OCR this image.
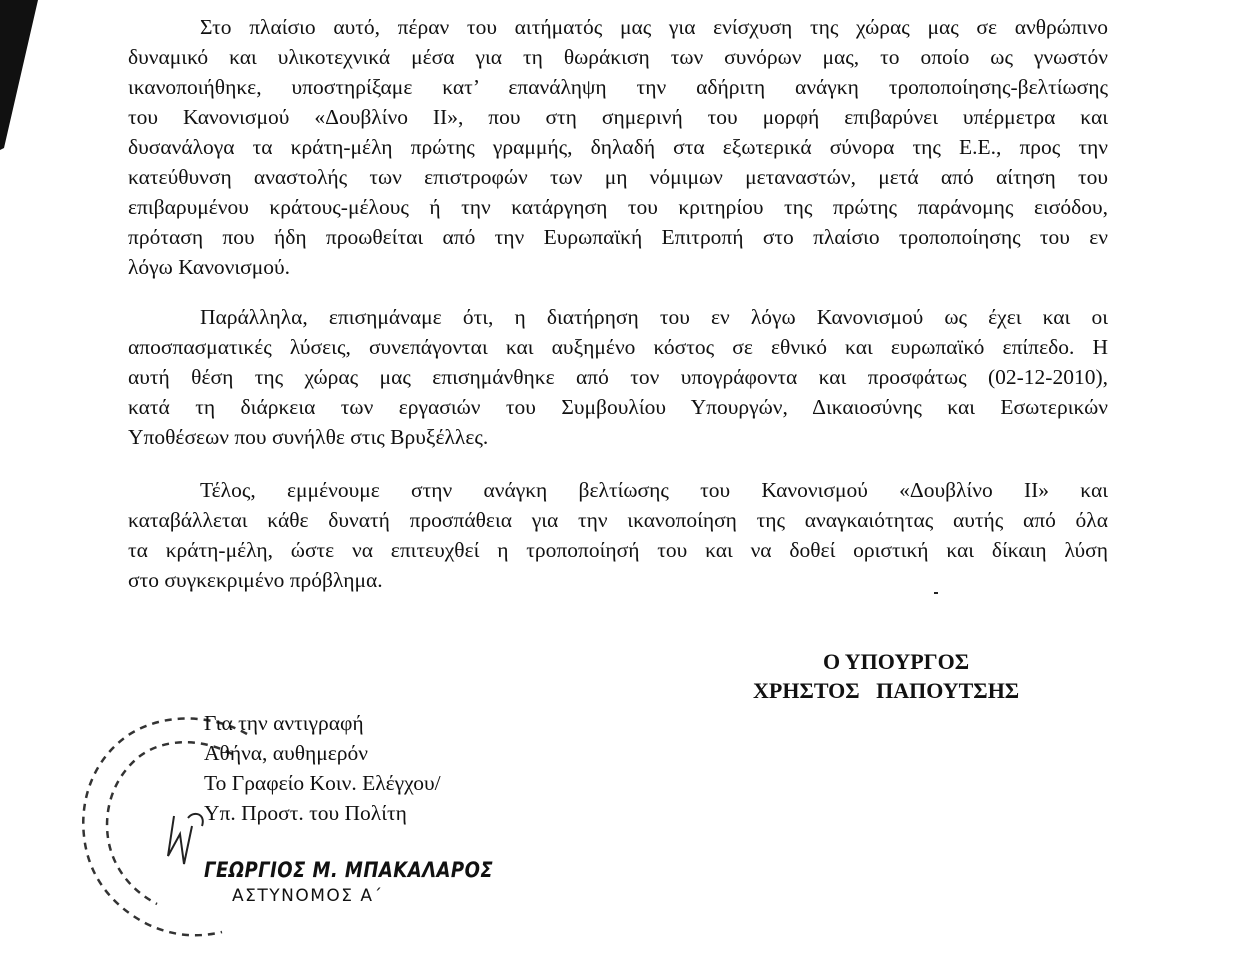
Στο πλαίσιο αυτό, πέραν του αιτήματός μας για ενίσχυση της χώρας μας σε ανθρώπινο
δυναμικό και υλικοτεχνικά μέσα για τη θωράκιση των συνόρων μας, το οποίο ως γνωστόν
ικανοποιήθηκε, υποστηρίξαμε κατ’ επανάληψη την αδήριτη ανάγκη τροποποίησης-βελτίωσης
του Κανονισμού «Δουβλίνο ΙΙ», που στη σημερινή του μορφή επιβαρύνει υπέρμετρα και
δυσανάλογα τα κράτη-μέλη πρώτης γραμμής, δηλαδή στα εξωτερικά σύνορα της Ε.Ε., προς την
κατεύθυνση αναστολής των επιστροφών των μη νόμιμων μεταναστών, μετά από αίτηση του
επιβαρυμένου κράτους-μέλους ή την κατάργηση του κριτηρίου της πρώτης παράνομης εισόδου,
πρόταση που ήδη προωθείται από την Ευρωπαϊκή Επιτροπή στο πλαίσιο τροποποίησης του εν
λόγω Κανονισμού.
Παράλληλα, επισημάναμε ότι, η διατήρηση του εν λόγω Κανονισμού ως έχει και οι
αποσπασματικές λύσεις, συνεπάγονται και αυξημένο κόστος σε εθνικό και ευρωπαϊκό επίπεδο. Η
αυτή θέση της χώρας μας επισημάνθηκε από τον υπογράφοντα και προσφάτως (02-12-2010),
κατά τη διάρκεια των εργασιών του Συμβουλίου Υπουργών, Δικαιοσύνης και Εσωτερικών
Υποθέσεων που συνήλθε στις Βρυξέλλες.
Τέλος, εμμένουμε στην ανάγκη βελτίωσης του Κανονισμού «Δουβλίνο ΙΙ» και
καταβάλλεται κάθε δυνατή προσπάθεια για την ικανοποίηση της αναγκαιότητας αυτής από όλα
τα κράτη-μέλη, ώστε να επιτευχθεί η τροποποίησή του και να δοθεί οριστική και δίκαιη λύση
στο συγκεκριμένο πρόβλημα.
Ο ΥΠΟΥΡΓΟΣ
ΧΡΗΣΤΟΣ   ΠΑΠΟΥΤΣΗΣ
Για την αντιγραφή
Αθήνα, αυθημερόν
Το Γραφείο Κοιν. Ελέγχου/
Υπ. Προστ. του Πολίτη
ΓΕΩΡΓΙΟΣ Μ. ΜΠΑΚΑΛΑΡΟΣ
ΑΣΤΥΝΟΜΟΣ Α΄
